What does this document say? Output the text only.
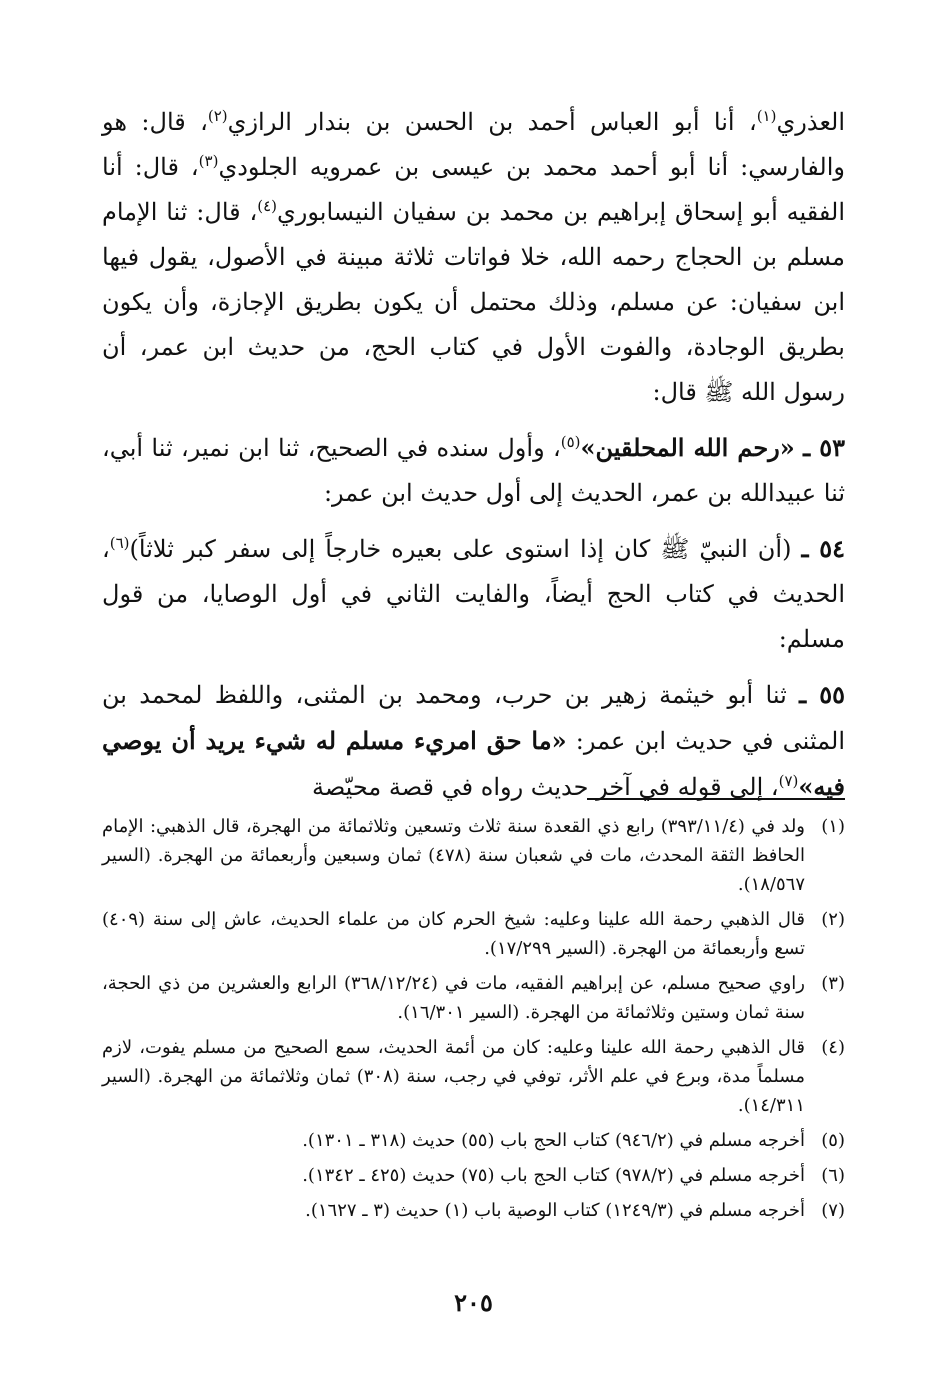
العذري$^{(١)}$، أنا أبو العباس أحمد بن الحسن بن بندار الرازي$^{(٢)}$، قال: هو والفارسي: أنا أبو أحمد محمد بن عيسى بن عمرويه الجلودي$^{(٣)}$، قال: أنا الفقيه أبو إسحاق إبراهيم بن محمد بن سفيان النيسابوري$^{(٤)}$، قال: ثنا الإمام مسلم بن الحجاج رحمه الله، خلا فواتات ثلاثة مبينة في الأصول، يقول فيها ابن سفيان: عن مسلم، وذلك محتمل أن يكون بطريق الإجازة، وأن يكون بطريق الوجادة، والفوت الأول في كتاب الحج، من حديث ابن عمر، أن رسول الله ﷺ قال:

٥٣ ـ «رحم الله المحلقين»$^{(٥)}$، وأول سنده في الصحيح، ثنا ابن نمير، ثنا أبي، ثنا عبيدالله بن عمر، الحديث إلى أول حديث ابن عمر:

٥٤ ـ (أن النبيّ ﷺ كان إذا استوى على بعيره خارجاً إلى سفر كبر ثلاثاً)$^{(٦)}$، الحديث في كتاب الحج أيضاً، والفايت الثاني في أول الوصايا، من قول مسلم:

٥٥ ـ ثنا أبو خيثمة زهير بن حرب، ومحمد بن المثنى، واللفظ لمحمد بن المثنى في حديث ابن عمر: «ما حق امريء مسلم له شيء يريد أن يوصي فيه»$^{(٧)}$، إلى قوله في آخر حديث رواه في قصة محيّصة

(١)
ولد في (٣٩٣/١١/٤) رابع ذي القعدة سنة ثلاث وتسعين وثلاثمائة من الهجرة، قال الذهبي: الإمام الحافظ الثقة المحدث، مات في شعبان سنة (٤٧٨) ثمان وسبعين وأربعمائة من الهجرة. (السير ١٨/٥٦٧).
(٢)
قال الذهبي رحمة الله علينا وعليه: شيخ الحرم كان من علماء الحديث، عاش إلى سنة (٤٠٩) تسع وأربعمائة من الهجرة. (السير ١٧/٢٩٩).
(٣)
راوي صحيح مسلم، عن إبراهيم الفقيه، مات في (٣٦٨/١٢/٢٤) الرابع والعشرين من ذي الحجة، سنة ثمان وستين وثلاثمائة من الهجرة. (السير ١٦/٣٠١).
(٤)
قال الذهبي رحمة الله علينا وعليه: كان من أئمة الحديث، سمع الصحيح من مسلم يفوت، لازم مسلماً مدة، وبرع في علم الأثر، توفي في رجب، سنة (٣٠٨) ثمان وثلاثمائة من الهجرة. (السير ١٤/٣١١).
(٥)
أخرجه مسلم في (٩٤٦/٢) كتاب الحج باب (٥٥) حديث (٣١٨ ـ ١٣٠١).
(٦)
أخرجه مسلم في (٩٧٨/٢) كتاب الحج باب (٧٥) حديث (٤٢٥ ـ ١٣٤٢).
(٧)
أخرجه مسلم في (١٢٤٩/٣) كتاب الوصية باب (١) حديث (٣ ـ ١٦٢٧).
٢٠٥
